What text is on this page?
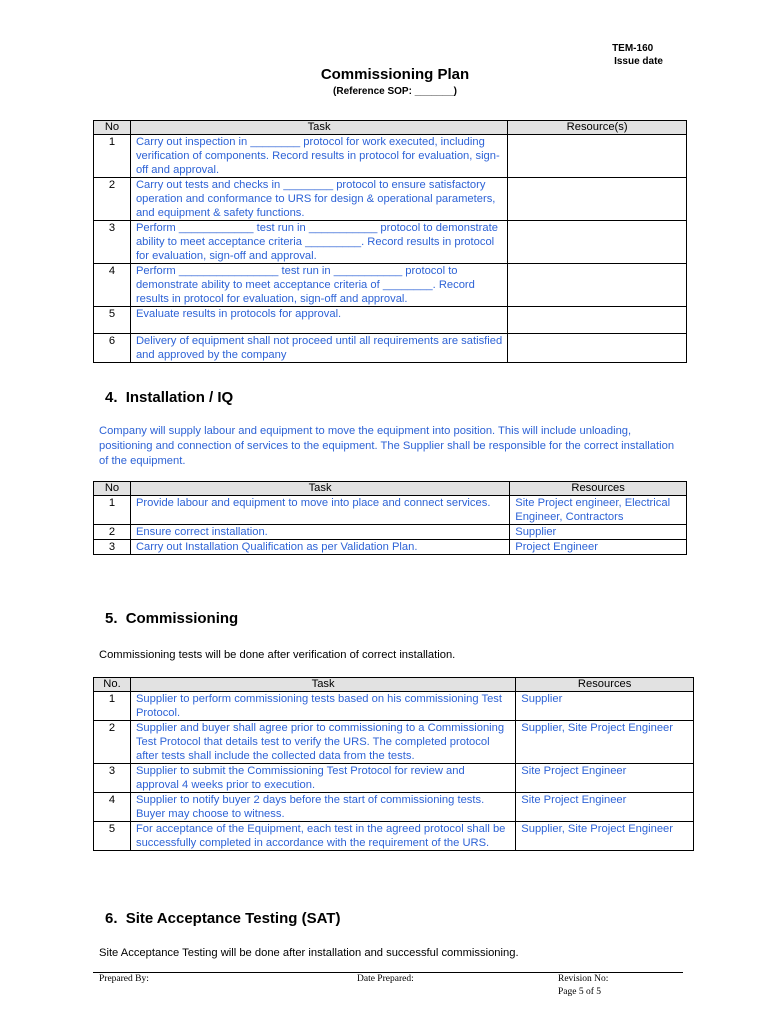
TEM-160
Issue date
Commissioning Plan
(Reference SOP: _______)
No	Task	Resource(s)
1	Carry out inspection in ________ protocol for work executed, including verification of components. Record results in protocol for evaluation, sign-off and approval.	
2	Carry out tests and checks in ________ protocol to ensure satisfactory operation and conformance to URS for design & operational parameters, and equipment & safety functions.	
3	Perform ____________ test run in ___________ protocol to demonstrate ability to meet acceptance criteria _________. Record results in protocol for evaluation, sign-off and approval.	
4	Perform ________________ test run in ___________ protocol to demonstrate ability to meet acceptance criteria of ________. Record results in protocol for evaluation, sign-off and approval.	
5	Evaluate results in protocols for approval.	
6	Delivery of equipment shall not proceed until all requirements are satisfied and approved by the company	
4. Installation / IQ
Company will supply labour and equipment to move the equipment into position. This will include unloading, positioning and connection of services to the equipment. The Supplier shall be responsible for the correct installation of the equipment.
No	Task	Resources
1	Provide labour and equipment to move into place and connect services.	Site Project engineer, Electrical Engineer, Contractors
2	Ensure correct installation.	Supplier
3	Carry out Installation Qualification as per Validation Plan.	Project Engineer
5. Commissioning
Commissioning tests will be done after verification of correct installation.
No.	Task	Resources
1	Supplier to perform commissioning tests based on his commissioning Test Protocol.	Supplier
2	Supplier and buyer shall agree prior to commissioning to a Commissioning Test Protocol that details test to verify the URS. The completed protocol after tests shall include the collected data from the tests.	Supplier, Site Project Engineer
3	Supplier to submit the Commissioning Test Protocol for review and approval 4 weeks prior to execution.	Site Project Engineer
4	Supplier to notify buyer 2 days before the start of commissioning tests. Buyer may choose to witness.	Site Project Engineer
5	For acceptance of the Equipment, each test in the agreed protocol shall be successfully completed in accordance with the requirement of the URS.	Supplier, Site Project Engineer
6. Site Acceptance Testing (SAT)
Site Acceptance Testing will be done after installation and successful commissioning.
Prepared By:	Date Prepared:	Revision No:
Page 5 of 5
